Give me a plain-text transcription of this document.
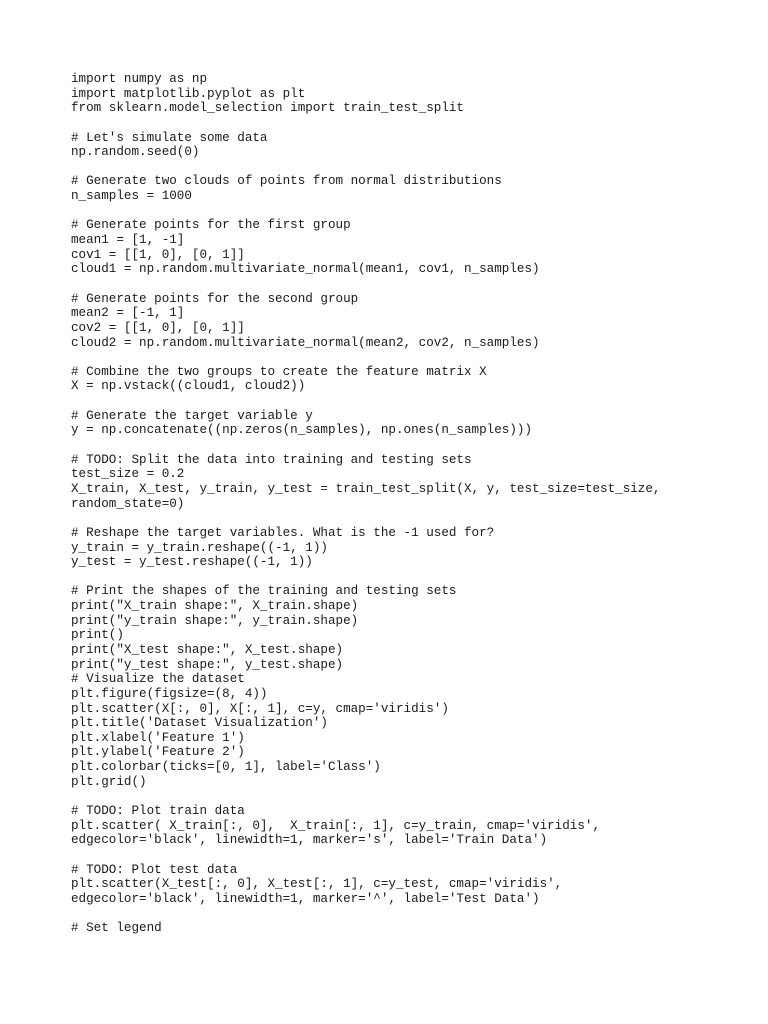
import numpy as np
import matplotlib.pyplot as plt
from sklearn.model_selection import train_test_split
# Let's simulate some data
np.random.seed(0)
# Generate two clouds of points from normal distributions
n_samples = 1000
# Generate points for the first group
mean1 = [1, -1]
cov1 = [[1, 0], [0, 1]]
cloud1 = np.random.multivariate_normal(mean1, cov1, n_samples)
# Generate points for the second group
mean2 = [-1, 1]
cov2 = [[1, 0], [0, 1]]
cloud2 = np.random.multivariate_normal(mean2, cov2, n_samples)
# Combine the two groups to create the feature matrix X
X = np.vstack((cloud1, cloud2))
# Generate the target variable y
y = np.concatenate((np.zeros(n_samples), np.ones(n_samples)))
# TODO: Split the data into training and testing sets
test_size = 0.2
X_train, X_test, y_train, y_test = train_test_split(X, y, test_size=test_size,
random_state=0)
# Reshape the target variables. What is the -1 used for?
y_train = y_train.reshape((-1, 1))
y_test = y_test.reshape((-1, 1))
# Print the shapes of the training and testing sets
print("X_train shape:", X_train.shape)
print("y_train shape:", y_train.shape)
print()
print("X_test shape:", X_test.shape)
print("y_test shape:", y_test.shape)
# Visualize the dataset
plt.figure(figsize=(8, 4))
plt.scatter(X[:, 0], X[:, 1], c=y, cmap='viridis')
plt.title('Dataset Visualization')
plt.xlabel('Feature 1')
plt.ylabel('Feature 2')
plt.colorbar(ticks=[0, 1], label='Class')
plt.grid()
# TODO: Plot train data
plt.scatter( X_train[:, 0],  X_train[:, 1], c=y_train, cmap='viridis',
edgecolor='black', linewidth=1, marker='s', label='Train Data')
# TODO: Plot test data
plt.scatter(X_test[:, 0], X_test[:, 1], c=y_test, cmap='viridis',
edgecolor='black', linewidth=1, marker='^', label='Test Data')
# Set legend
